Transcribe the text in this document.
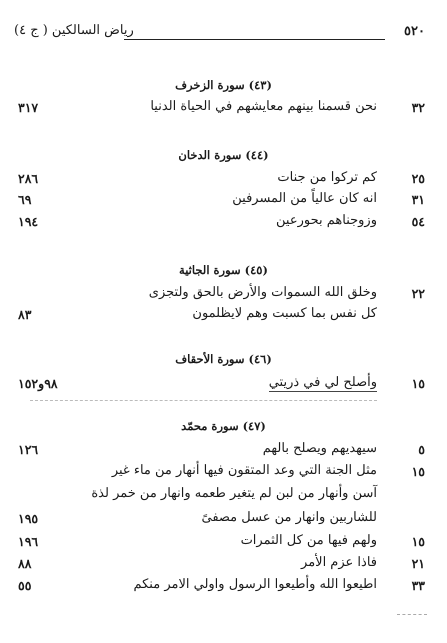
٥٢٠
رياض السالكين ( ج ٤)
(٤٣) سورة الزخرف
٣٢
نحن قسمنا بينهم معايشهم في الحياة الدنيا
٣١٧
(٤٤) سورة الدخان
٢٥
كم تركوا من جنات
٢٨٦
٣١
انه كان عالياً من المسرفين
٦٩
٥٤
وزوجناهم بحورعين
١٩٤
(٤٥) سورة الجاثية
٢٢
وخلق الله السموات والأرض بالحق ولتجزى
كل نفس بما كسبت وهم لايظلمون
٨٣
(٤٦) سورة الأحقاف
١٥
وأصلح لي في ذريتي
٩٨و١٥٢
(٤٧) سورة محمّد
٥
سيهديهم ويصلح بالهم
١٢٦
١٥
مثل الجنة التي وعد المتقون فيها أنهار من ماء غير
آسن وأنهار من لبن لم يتغير طعمه وانهار من خمر لذة
للشاربين وانهار من عسل مصفىً
١٩٥
١٥
ولهم فيها من كل الثمرات
١٩٦
٢١
فاذا عزم الأمر
٨٨
٣٣
اطيعوا الله وأطيعوا الرسول واولي الامر منكم
٥٥
